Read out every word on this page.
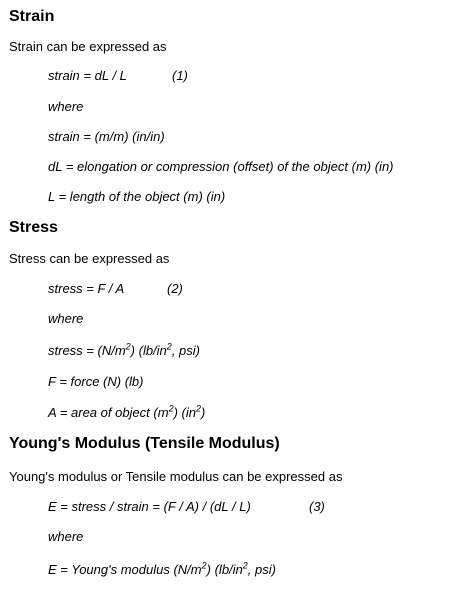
Strain

Strain can be expressed as

strain = dL / L	(1)

where

strain = (m/m) (in/in)

dL = elongation or compression (offset) of the object (m) (in)

L = length of the object (m) (in)

Stress

Stress can be expressed as

stress = F / A	(2)

where

stress = $(N/m^2)$ ($lb/in^2$, psi)

F = force (N) (lb)

A = area of object $(m^2)$ $(in^2)$

Young's Modulus (Tensile Modulus)

Young's modulus or Tensile modulus can be expressed as

E = stress / strain = (F / A) / (dL / L)	(3)

where

E = Young's modulus $(N/m^2)$ ($lb/in^2$, psi)
